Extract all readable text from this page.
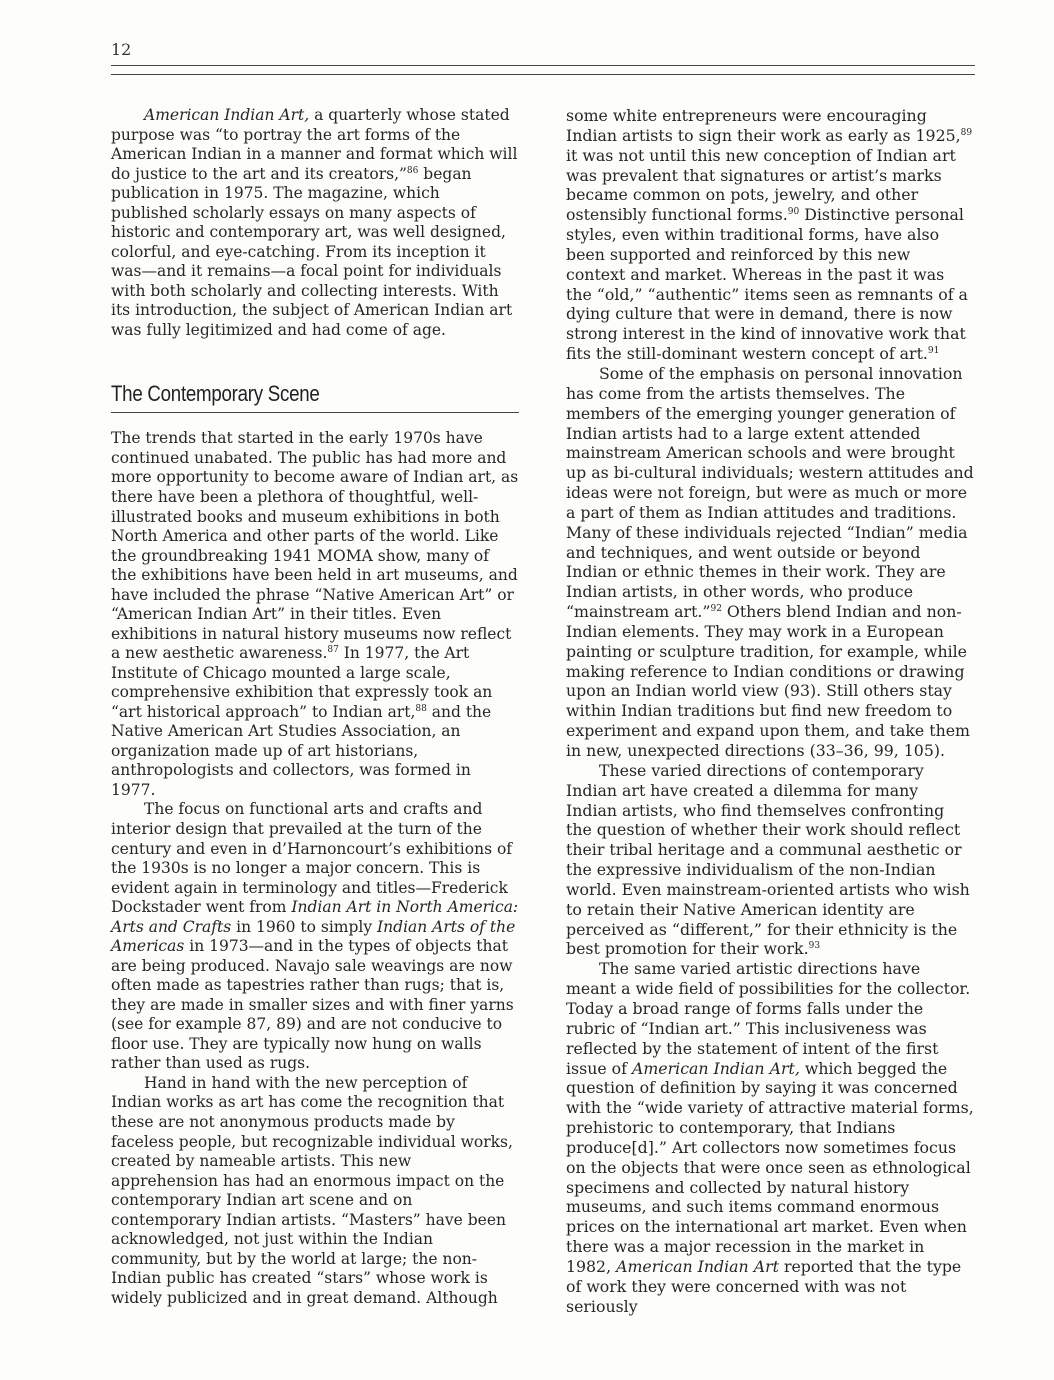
12

American Indian Art, a quarterly whose stated purpose was “to portray the art forms of the American Indian in a manner and format which will do justice to the art and its creators,”$^{86}$ began publication in 1975. The magazine, which published scholarly essays on many aspects of historic and contemporary art, was well designed, colorful, and eye-catching. From its inception it was—and it remains—a focal point for individuals with both scholarly and collecting interests. With its introduction, the subject of American Indian art was fully legitimized and had come of age.

The Contemporary Scene

The trends that started in the early 1970s have continued unabated. The public has had more and more opportunity to become aware of Indian art, as there have been a plethora of thoughtful, well-illustrated books and museum exhibitions in both North America and other parts of the world. Like the groundbreaking 1941 MOMA show, many of the exhibitions have been held in art museums, and have included the phrase “Native American Art” or “American Indian Art” in their titles. Even exhibitions in natural history museums now reflect a new aesthetic awareness.$^{87}$ In 1977, the Art Institute of Chicago mounted a large scale, comprehensive exhibition that expressly took an “art historical approach” to Indian art,$^{88}$ and the Native American Art Studies Association, an organization made up of art historians, anthropologists and collectors, was formed in 1977.

The focus on functional arts and crafts and interior design that prevailed at the turn of the century and even in d’Harnoncourt’s exhibitions of the 1930s is no longer a major concern. This is evident again in terminology and titles—Frederick Dockstader went from Indian Art in North America: Arts and Crafts in 1960 to simply Indian Arts of the Americas in 1973—and in the types of objects that are being produced. Navajo sale weavings are now often made as tapestries rather than rugs; that is, they are made in smaller sizes and with finer yarns (see for example 87, 89) and are not conducive to floor use. They are typically now hung on walls rather than used as rugs.

Hand in hand with the new perception of Indian works as art has come the recognition that these are not anonymous products made by faceless people, but recognizable individual works, created by nameable artists. This new apprehension has had an enormous impact on the contemporary Indian art scene and on contemporary Indian artists. “Masters” have been acknowledged, not just within the Indian community, but by the world at large; the non-Indian public has created “stars” whose work is widely publicized and in great demand. Although

some white entrepreneurs were encouraging Indian artists to sign their work as early as 1925,89 it was not until this new conception of Indian art was prevalent that signatures or artist’s marks became common on pots, jewelry, and other ostensibly functional forms.$^{90}$ Distinctive personal styles, even within traditional forms, have also been supported and reinforced by this new context and market. Whereas in the past it was the “old,” “authentic” items seen as remnants of a dying culture that were in demand, there is now strong interest in the kind of innovative work that fits the still-dominant western concept of art.$^{91}$

Some of the emphasis on personal innovation has come from the artists themselves. The members of the emerging younger generation of Indian artists had to a large extent attended mainstream American schools and were brought up as bi-cultural individuals; western attitudes and ideas were not foreign, but were as much or more a part of them as Indian attitudes and traditions. Many of these individuals rejected “Indian” media and techniques, and went outside or beyond Indian or ethnic themes in their work. They are Indian artists, in other words, who produce “mainstream art.”$^{92}$ Others blend Indian and non-Indian elements. They may work in a European painting or sculpture tradition, for example, while making reference to Indian conditions or drawing upon an Indian world view (93). Still others stay within Indian traditions but find new freedom to experiment and expand upon them, and take them in new, unexpected directions (33–36, 99, 105).

These varied directions of contemporary Indian art have created a dilemma for many Indian artists, who find themselves confronting the question of whether their work should reflect their tribal heritage and a communal aesthetic or the expressive individualism of the non-Indian world. Even mainstream-oriented artists who wish to retain their Native American identity are perceived as “different,” for their ethnicity is the best promotion for their work.$^{93}$

The same varied artistic directions have meant a wide field of possibilities for the collector. Today a broad range of forms falls under the rubric of “Indian art.” This inclusiveness was reflected by the statement of intent of the first issue of American Indian Art, which begged the question of definition by saying it was concerned with the “wide variety of attractive material forms, prehistoric to contemporary, that Indians produce[d].” Art collectors now sometimes focus on the objects that were once seen as ethnological specimens and collected by natural history museums, and such items command enormous prices on the international art market. Even when there was a major recession in the market in 1982, American Indian Art reported that the type of work they were concerned with was not seriously
